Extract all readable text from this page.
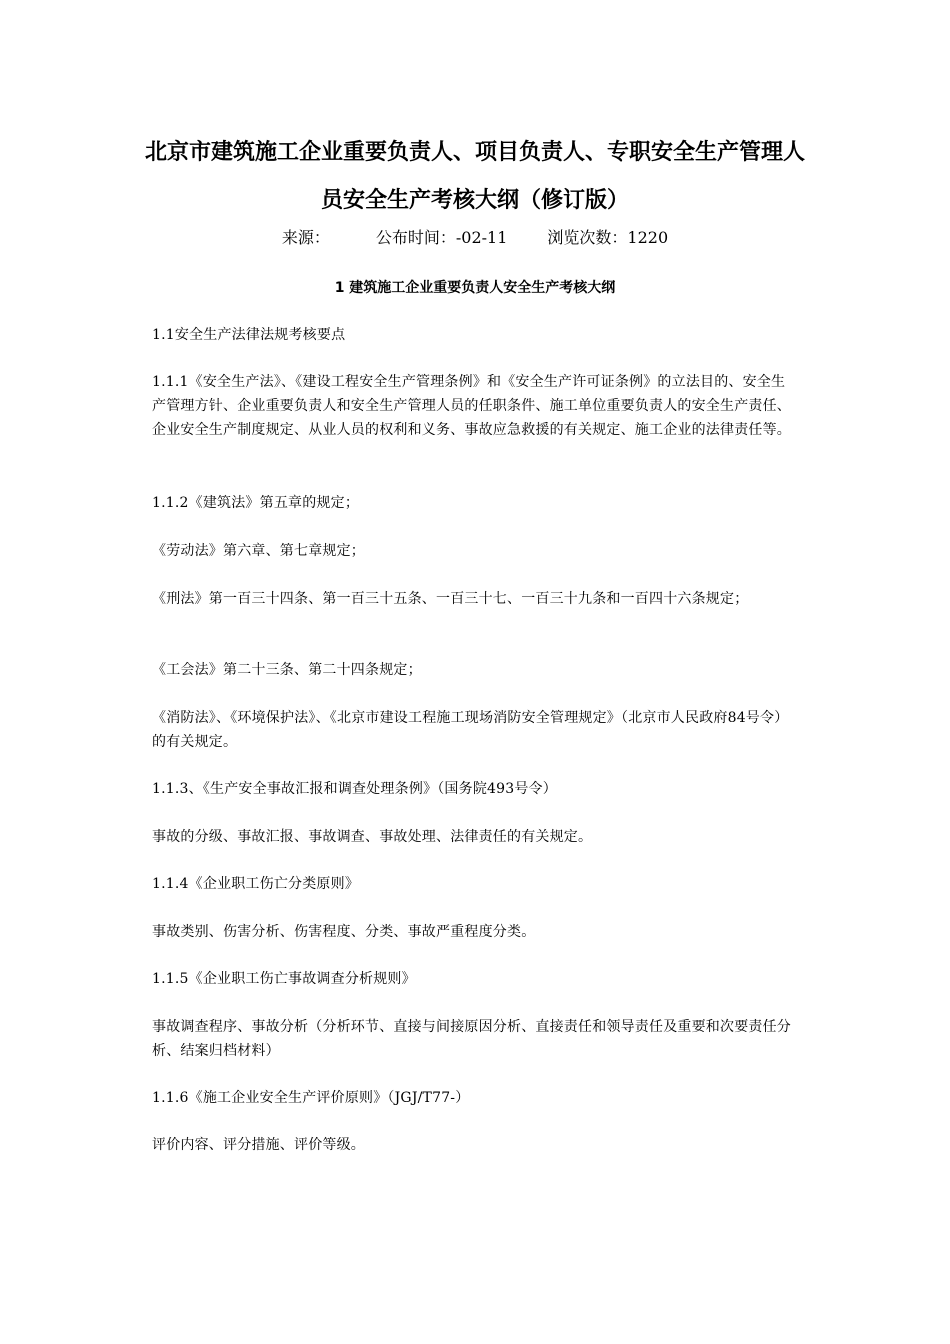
北京市建筑施工企业重要负责人、项目负责人、专职安全生产管理人
员安全生产考核大纲（修订版）
来源：	公布时间：-02-11	浏览次数：1220
1 建筑施工企业重要负责人安全生产考核大纲
1.1安全生产法律法规考核要点
1.1.1《安全生产法》、《建设工程安全生产管理条例》和《安全生产许可证条例》的立法目的、安全生产管理方针、企业重要负责人和安全生产管理人员的任职条件、施工单位重要负责人的安全生产责任、企业安全生产制度规定、从业人员的权利和义务、事故应急救援的有关规定、施工企业的法律责任等。
1.1.2《建筑法》第五章的规定；
《劳动法》第六章、第七章规定；
《刑法》第一百三十四条、第一百三十五条、一百三十七、一百三十九条和一百四十六条规定；
《工会法》第二十三条、第二十四条规定；
《消防法》、《环境保护法》、《北京市建设工程施工现场消防安全管理规定》（北京市人民政府84号令）的有关规定。
1.1.3、《生产安全事故汇报和调查处理条例》（国务院493号令）
事故的分级、事故汇报、事故调查、事故处理、法律责任的有关规定。
1.1.4《企业职工伤亡分类原则》
事故类别、伤害分析、伤害程度、分类、事故严重程度分类。
1.1.5《企业职工伤亡事故调查分析规则》
事故调查程序、事故分析（分析环节、直接与间接原因分析、直接责任和领导责任及重要和次要责任分析、结案归档材料）
1.1.6《施工企业安全生产评价原则》（JGJ/T77-）
评价内容、评分措施、评价等级。
